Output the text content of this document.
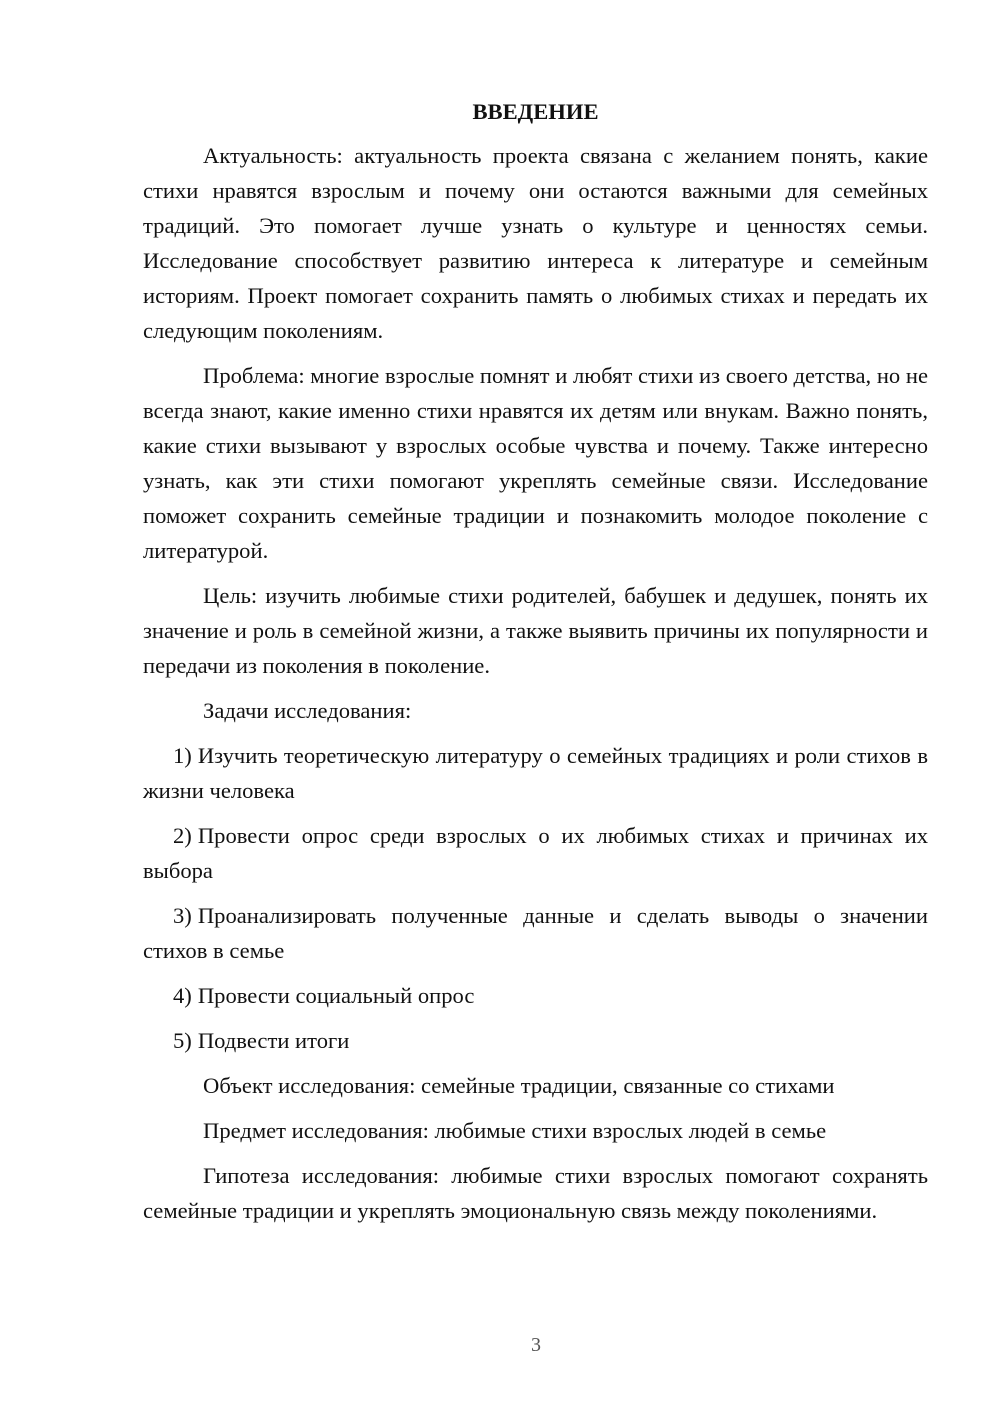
ВВЕДЕНИЕ

Актуальность: актуальность проекта связана с желанием понять, какие стихи нравятся взрослым и почему они остаются важными для семейных традиций. Это помогает лучше узнать о культуре и ценностях семьи. Исследование способствует развитию интереса к литературе и семейным историям. Проект помогает сохранить память о любимых стихах и передать их следующим поколениям.

Проблема: многие взрослые помнят и любят стихи из своего детства, но не всегда знают, какие именно стихи нравятся их детям или внукам. Важно понять, какие стихи вызывают у взрослых особые чувства и почему. Также интересно узнать, как эти стихи помогают укреплять семейные связи. Исследование поможет сохранить семейные традиции и познакомить молодое поколение с литературой.

Цель: изучить любимые стихи родителей, бабушек и дедушек, понять их значение и роль в семейной жизни, а также выявить причины их популярности и передачи из поколения в поколение.

Задачи исследования:

1) Изучить теоретическую литературу о семейных традициях и роли стихов в жизни человека

2) Провести опрос среди взрослых о их любимых стихах и причинах их выбора

3) Проанализировать полученные данные и сделать выводы о значении стихов в семье

4) Провести социальный опрос

5) Подвести итоги

Объект исследования: семейные традиции, связанные со стихами

Предмет исследования: любимые стихи взрослых людей в семье

Гипотеза исследования: любимые стихи взрослых помогают сохранять семейные традиции и укреплять эмоциональную связь между поколениями.

3
